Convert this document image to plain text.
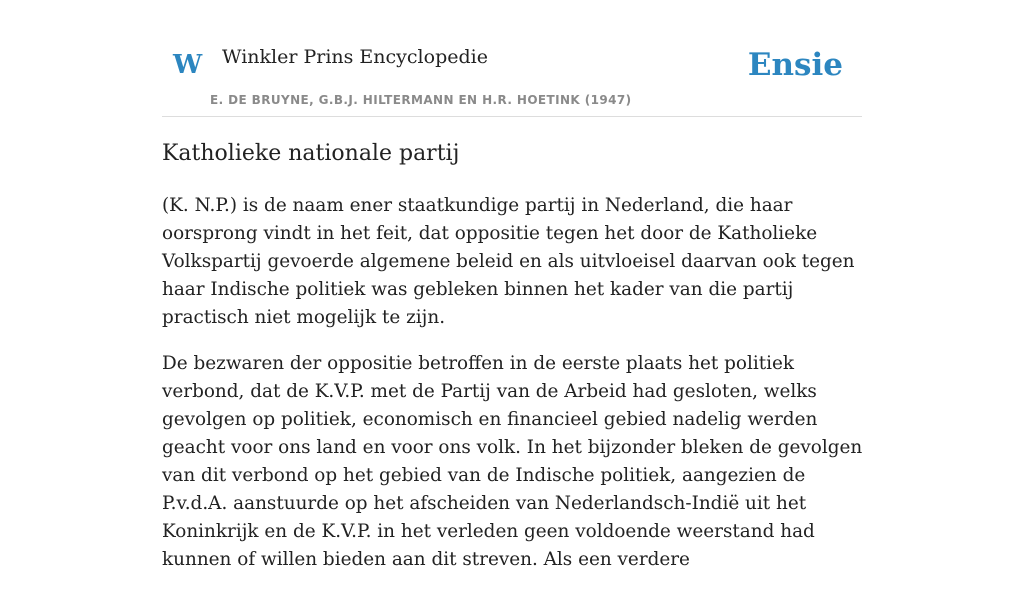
W Winkler Prins Encyclopedie
E. DE BRUYNE, G.B.J. HILTERMANN EN H.R. HOETINK (1947)
Ensie
Katholieke nationale partij

(K. N.P.) is de naam ener staatkundige partij in Nederland, die haar oorsprong vindt in het feit, dat oppositie tegen het door de Katholieke Volkspartij gevoerde algemene beleid en als uitvloeisel daarvan ook tegen haar Indische politiek was gebleken binnen het kader van die partij practisch niet mogelijk te zijn.

De bezwaren der oppositie betroffen in de eerste plaats het politiek verbond, dat de K.V.P. met de Partij van de Arbeid had gesloten, welks gevolgen op politiek, economisch en financieel gebied nadelig werden geacht voor ons land en voor ons volk. In het bijzonder bleken de gevolgen van dit verbond op het gebied van de Indische politiek, aangezien de P.v.d.A. aanstuurde op het afscheiden van Nederlandsch-Indië uit het Koninkrijk en de K.V.P. in het verleden geen voldoende weerstand had kunnen of willen bieden aan dit streven. Als een verdere
